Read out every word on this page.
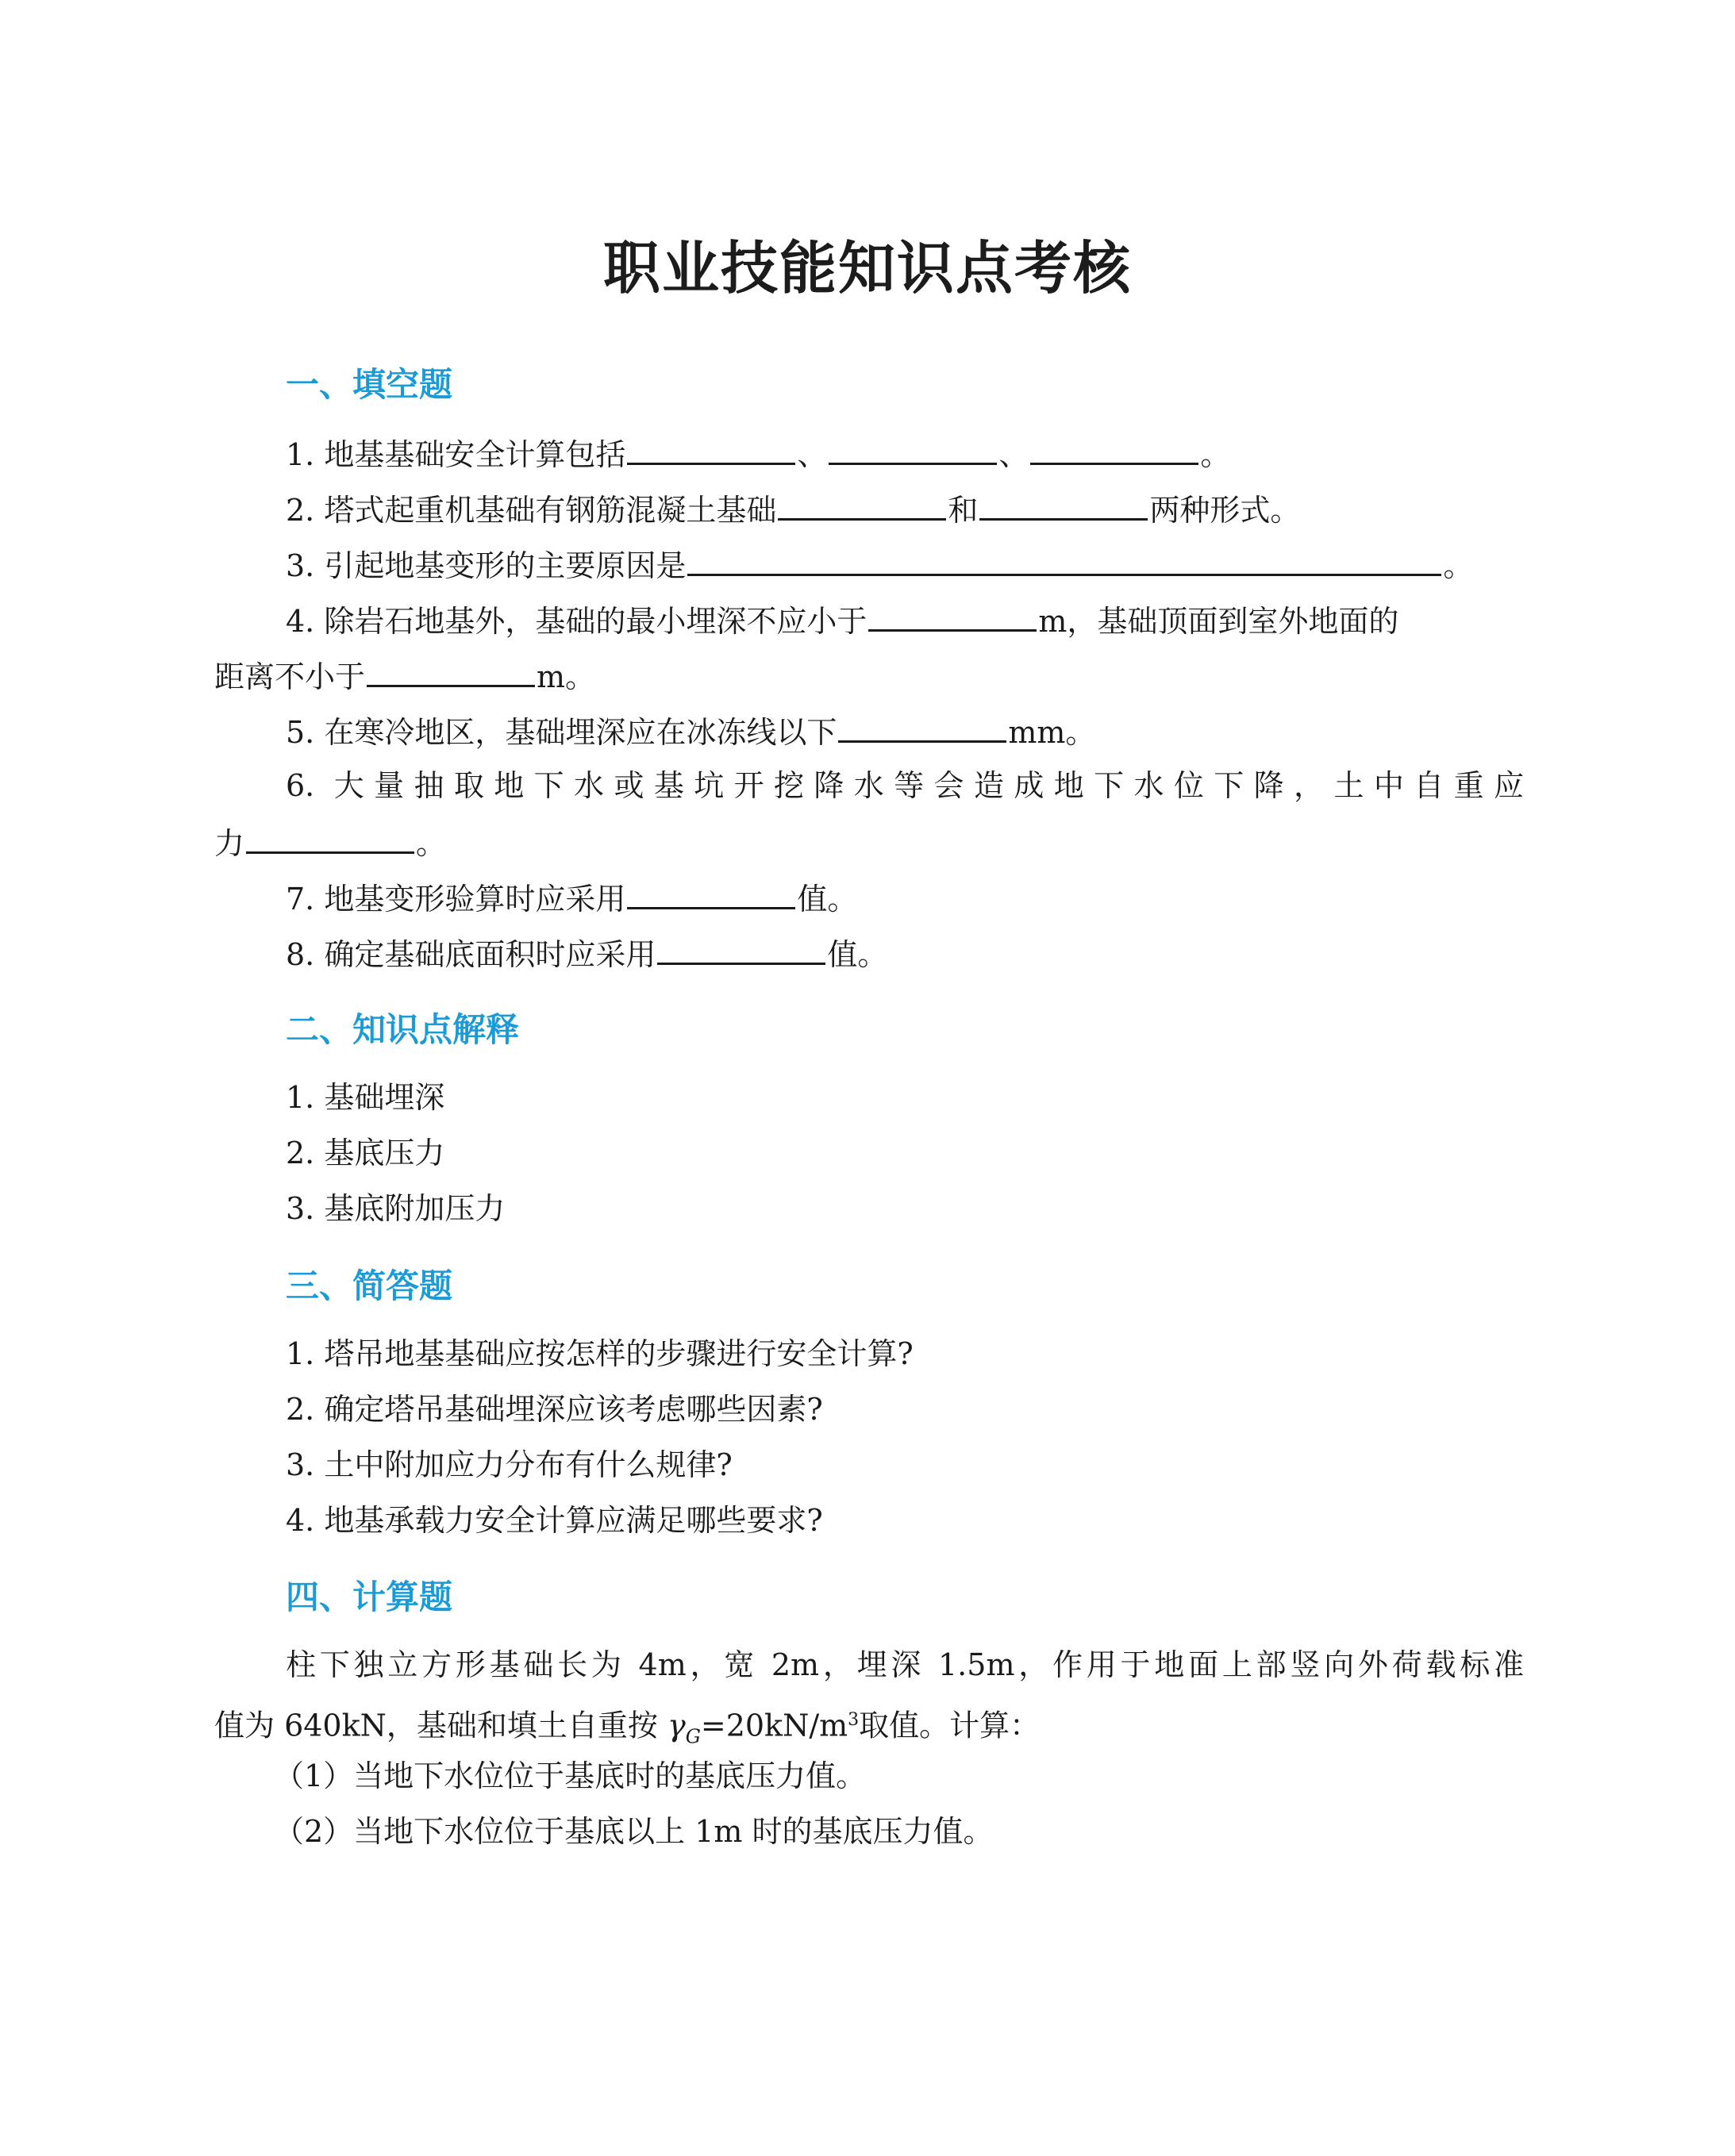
职业技能知识点考核
一、填空题
1. 地基基础安全计算包括	、	、	。
2. 塔式起重机基础有钢筋混凝土基础	和	两种形式。
3. 引起地基变形的主要原因是	。
4. 除岩石地基外，基础的最小埋深不应小于	m，基础顶面到室外地面的
距离不小于	m。
5. 在寒冷地区，基础埋深应在冰冻线以下	mm。
6. 大量抽取地下水或基坑开挖降水等会造成地下水位下降，土中自重应
力	。
7. 地基变形验算时应采用	值。
8. 确定基础底面积时应采用	值。
二、知识点解释
1. 基础埋深
2. 基底压力
3. 基底附加压力
三、简答题
1. 塔吊地基基础应按怎样的步骤进行安全计算?
2. 确定塔吊基础埋深应该考虑哪些因素?
3. 土中附加应力分布有什么规律?
4. 地基承载力安全计算应满足哪些要求?
四、计算题
柱下独立方形基础长为 4m，宽 2m，埋深 1.5m，作用于地面上部竖向外荷载标准
值为 640kN，基础和填土自重按 $\gamma_G=20kN/m^3$取值。计算：
（1）当地下水位位于基底时的基底压力值。
（2）当地下水位位于基底以上 1m 时的基底压力值。
